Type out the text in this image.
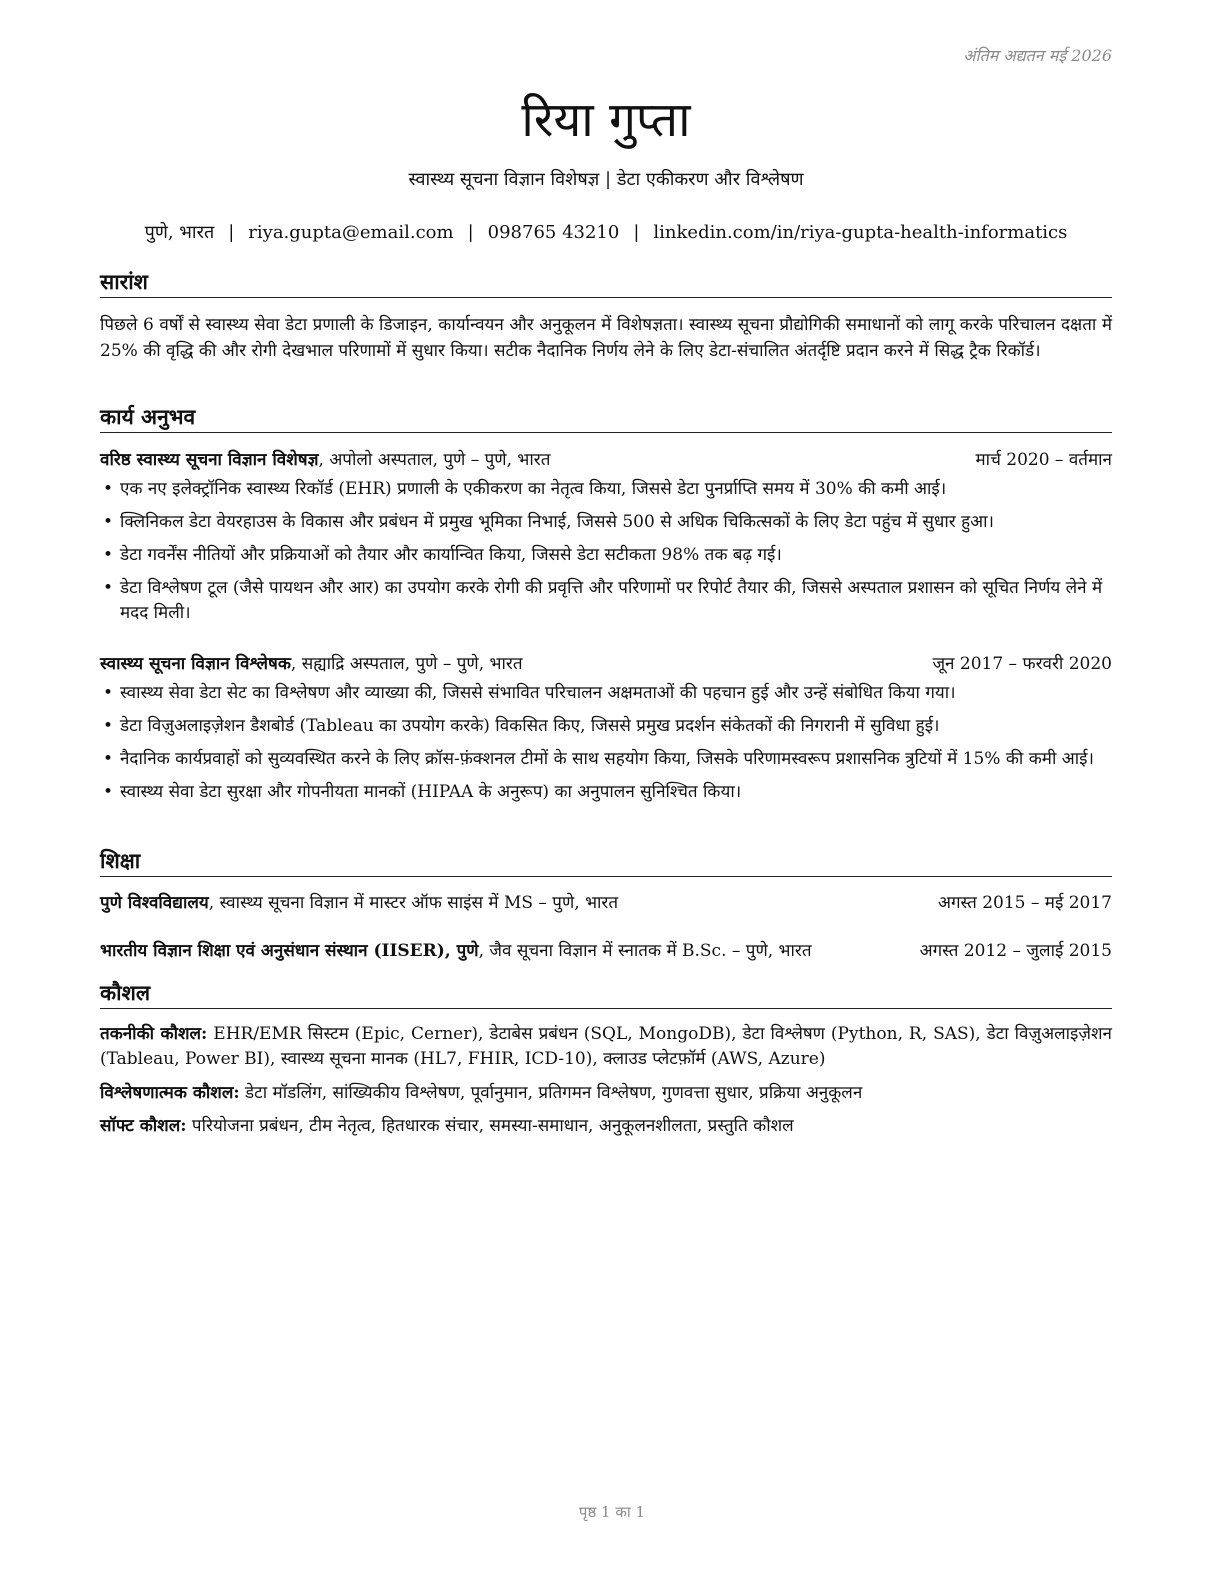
अंतिम अद्यतन मई 2026
रिया गुप्ता
स्वास्थ्य सूचना विज्ञान विशेषज्ञ | डेटा एकीकरण और विश्लेषण
पुणे, भारत | riya.gupta@email.com | 098765 43210 | linkedin.com/in/riya-gupta-health-informatics
सारांश
पिछले 6 वर्षों से स्वास्थ्य सेवा डेटा प्रणाली के डिजाइन, कार्यान्वयन और अनुकूलन में विशेषज्ञता। स्वास्थ्य सूचना प्रौद्योगिकी समाधानों को लागू करके परिचालन दक्षता में 25% की वृद्धि की और रोगी देखभाल परिणामों में सुधार किया। सटीक नैदानिक निर्णय लेने के लिए डेटा-संचालित अंतर्दृष्टि प्रदान करने में सिद्ध ट्रैक रिकॉर्ड।
कार्य अनुभव
वरिष्ठ स्वास्थ्य सूचना विज्ञान विशेषज्ञ, अपोलो अस्पताल, पुणे – पुणे, भारत	मार्च 2020 – वर्तमान
• एक नए इलेक्ट्रॉनिक स्वास्थ्य रिकॉर्ड (EHR) प्रणाली के एकीकरण का नेतृत्व किया, जिससे डेटा पुनर्प्राप्ति समय में 30% की कमी आई।
• क्लिनिकल डेटा वेयरहाउस के विकास और प्रबंधन में प्रमुख भूमिका निभाई, जिससे 500 से अधिक चिकित्सकों के लिए डेटा पहुंच में सुधार हुआ।
• डेटा गवर्नेंस नीतियों और प्रक्रियाओं को तैयार और कार्यान्वित किया, जिससे डेटा सटीकता 98% तक बढ़ गई।
• डेटा विश्लेषण टूल (जैसे पायथन और आर) का उपयोग करके रोगी की प्रवृत्ति और परिणामों पर रिपोर्ट तैयार की, जिससे अस्पताल प्रशासन को सूचित निर्णय लेने में मदद मिली।
स्वास्थ्य सूचना विज्ञान विश्लेषक, सह्याद्रि अस्पताल, पुणे – पुणे, भारत	जून 2017 – फरवरी 2020
• स्वास्थ्य सेवा डेटा सेट का विश्लेषण और व्याख्या की, जिससे संभावित परिचालन अक्षमताओं की पहचान हुई और उन्हें संबोधित किया गया।
• डेटा विज़ुअलाइज़ेशन डैशबोर्ड (Tableau का उपयोग करके) विकसित किए, जिससे प्रमुख प्रदर्शन संकेतकों की निगरानी में सुविधा हुई।
• नैदानिक कार्यप्रवाहों को सुव्यवस्थित करने के लिए क्रॉस-फ़ंक्शनल टीमों के साथ सहयोग किया, जिसके परिणामस्वरूप प्रशासनिक त्रुटियों में 15% की कमी आई।
• स्वास्थ्य सेवा डेटा सुरक्षा और गोपनीयता मानकों (HIPAA के अनुरूप) का अनुपालन सुनिश्चित किया।
शिक्षा
पुणे विश्वविद्यालय, स्वास्थ्य सूचना विज्ञान में मास्टर ऑफ साइंस में MS – पुणे, भारत	अगस्त 2015 – मई 2017
भारतीय विज्ञान शिक्षा एवं अनुसंधान संस्थान (IISER), पुणे, जैव सूचना विज्ञान में स्नातक में B.Sc. – पुणे, भारत	अगस्त 2012 – जुलाई 2015
कौशल
तकनीकी कौशल: EHR/EMR सिस्टम (Epic, Cerner), डेटाबेस प्रबंधन (SQL, MongoDB), डेटा विश्लेषण (Python, R, SAS), डेटा विज़ुअलाइज़ेशन (Tableau, Power BI), स्वास्थ्य सूचना मानक (HL7, FHIR, ICD-10), क्लाउड प्लेटफ़ॉर्म (AWS, Azure)
विश्लेषणात्मक कौशल: डेटा मॉडलिंग, सांख्यिकीय विश्लेषण, पूर्वानुमान, प्रतिगमन विश्लेषण, गुणवत्ता सुधार, प्रक्रिया अनुकूलन
सॉफ्ट कौशल: परियोजना प्रबंधन, टीम नेतृत्व, हितधारक संचार, समस्या-समाधान, अनुकूलनशीलता, प्रस्तुति कौशल
पृष्ठ 1 का 1
